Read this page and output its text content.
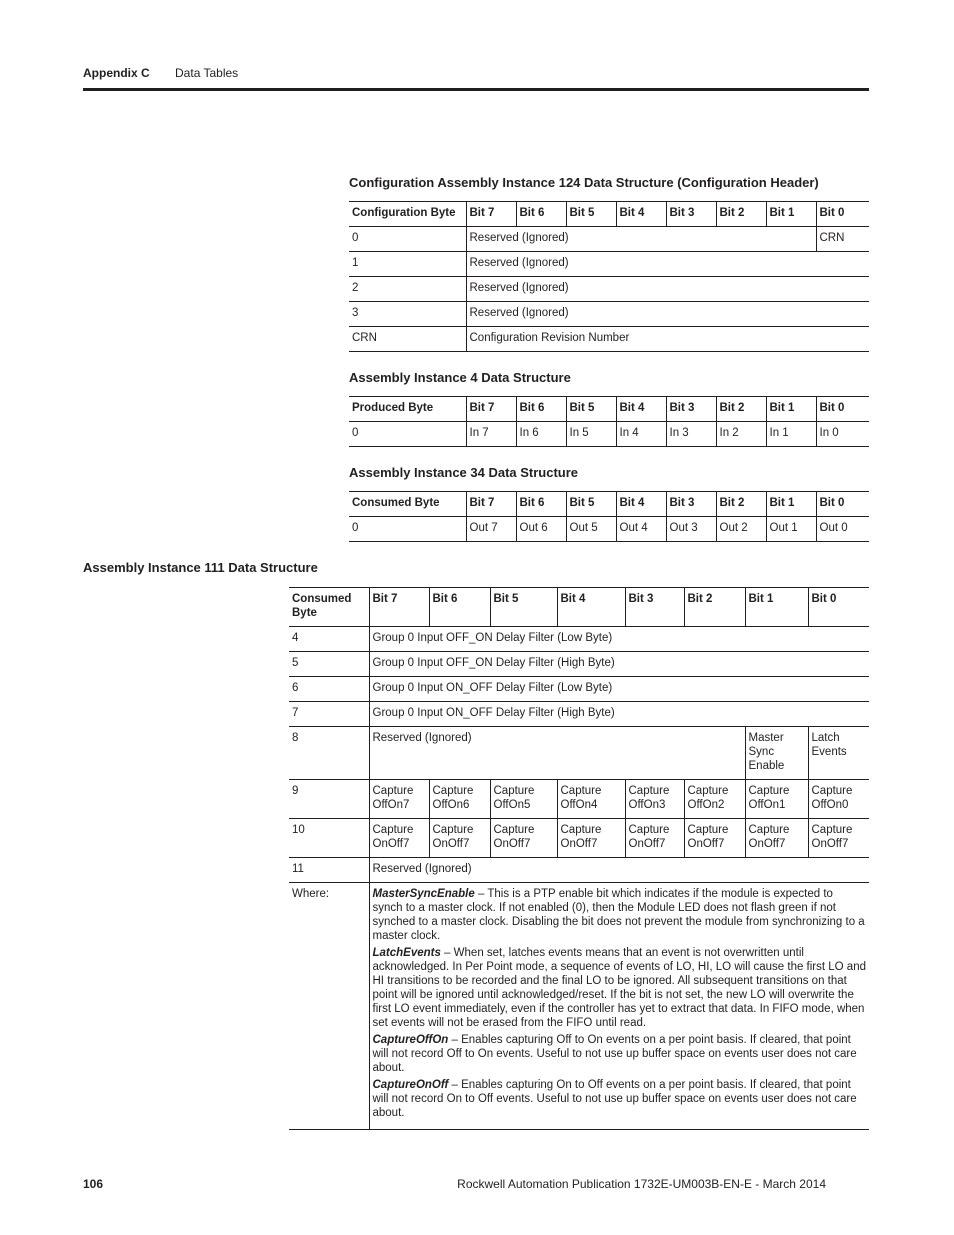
Appendix C Data Tables
Configuration Assembly Instance 124 Data Structure (Configuration Header)
Configuration Byte	Bit 7	Bit 6	Bit 5	Bit 4	Bit 3	Bit 2	Bit 1	Bit 0
0	Reserved (Ignored)							CRN
1	Reserved (Ignored)							
2	Reserved (Ignored)							
3	Reserved (Ignored)							
CRN	Configuration Revision Number							
Assembly Instance 4 Data Structure
Produced Byte	Bit 7	Bit 6	Bit 5	Bit 4	Bit 3	Bit 2	Bit 1	Bit 0
0	In 7	In 6	In 5	In 4	In 3	In 2	In 1	In 0
Assembly Instance 34 Data Structure
Consumed Byte	Bit 7	Bit 6	Bit 5	Bit 4	Bit 3	Bit 2	Bit 1	Bit 0
0	Out 7	Out 6	Out 5	Out 4	Out 3	Out 2	Out 1	Out 0
Assembly Instance 111 Data Structure
Consumed Byte	Bit 7	Bit 6	Bit 5	Bit 4	Bit 3	Bit 2	Bit 1	Bit 0
4	Group 0 Input OFF_ON Delay Filter (Low Byte)							
5	Group 0 Input OFF_ON Delay Filter (High Byte)							
6	Group 0 Input ON_OFF Delay Filter (Low Byte)							
7	Group 0 Input ON_OFF Delay Filter (High Byte)							
8	Reserved (Ignored)						Master Sync Enable	Latch Events
9	Capture OffOn7	Capture OffOn6	Capture OffOn5	Capture OffOn4	Capture OffOn3	Capture OffOn2	Capture OffOn1	Capture OffOn0
10	Capture OnOff7	Capture OnOff7	Capture OnOff7	Capture OnOff7	Capture OnOff7	Capture OnOff7	Capture OnOff7	Capture OnOff7
11	Reserved (Ignored)							
Where:	MasterSyncEnable – This is a PTP enable bit which indicates if the module is expected to synch to a master clock. If not enabled (0), then the Module LED does not flash green if not synched to a master clock. Disabling the bit does not prevent the module from synchronizing to a master clock.

LatchEvents – When set, latches events means that an event is not overwritten until acknowledged. In Per Point mode, a sequence of events of LO, HI, LO will cause the first LO and HI transitions to be recorded and the final LO to be ignored. All subsequent transitions on that point will be ignored until acknowledged/reset. If the bit is not set, the new LO will overwrite the first LO event immediately, even if the controller has yet to extract that data. In FIFO mode, when set events will not be erased from the FIFO until read.

CaptureOffOn – Enables capturing Off to On events on a per point basis. If cleared, that point will not record Off to On events. Useful to not use up buffer space on events user does not care about.

CaptureOnOff – Enables capturing On to Off events on a per point basis. If cleared, that point will not record On to Off events. Useful to not use up buffer space on events user does not care about.							

106	Rockwell Automation Publication 1732E-UM003B-EN-E - March 2014
